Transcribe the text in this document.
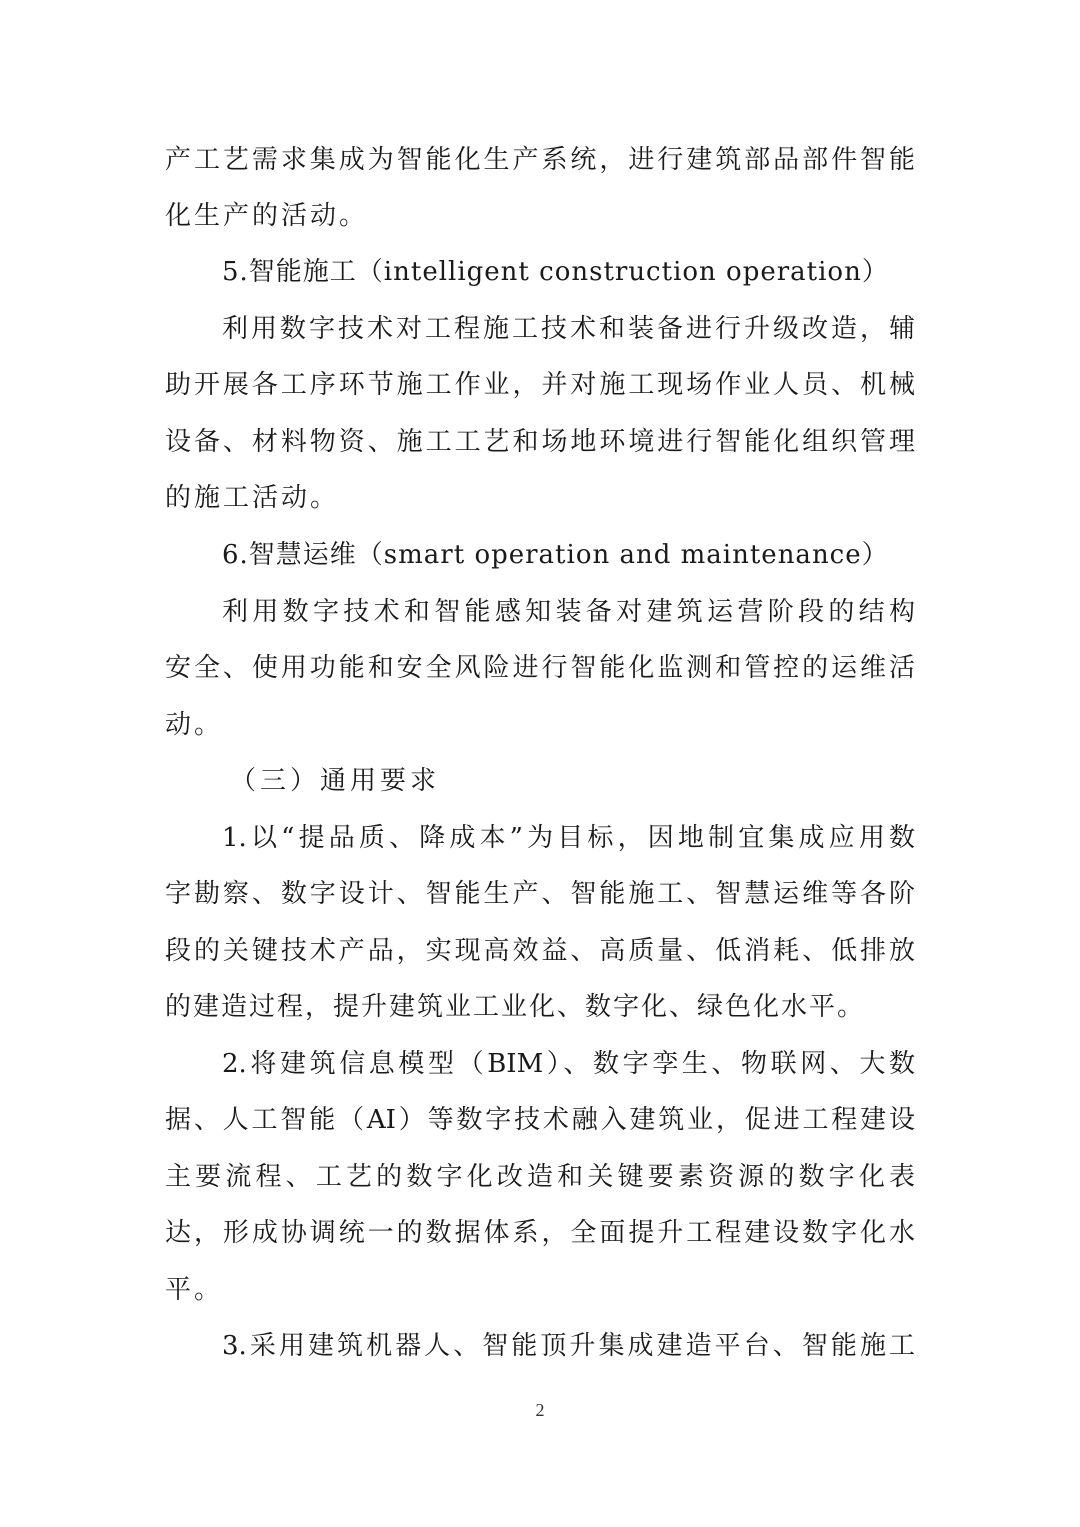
产工艺需求集成为智能化生产系统，进行建筑部品部件智能
化生产的活动。
5.智能施工（intelligent construction operation）
利用数字技术对工程施工技术和装备进行升级改造，辅
助开展各工序环节施工作业，并对施工现场作业人员、机械
设备、材料物资、施工工艺和场地环境进行智能化组织管理
的施工活动。
6.智慧运维（smart operation and maintenance）
利用数字技术和智能感知装备对建筑运营阶段的结构
安全、使用功能和安全风险进行智能化监测和管控的运维活
动。
（三）通用要求
1.以“提品质、降成本”为目标，因地制宜集成应用数
字勘察、数字设计、智能生产、智能施工、智慧运维等各阶
段的关键技术产品，实现高效益、高质量、低消耗、低排放
的建造过程，提升建筑业工业化、数字化、绿色化水平。
2.将建筑信息模型（BIM）、数字孪生、物联网、大数
据、人工智能（AI）等数字技术融入建筑业，促进工程建设
主要流程、工艺的数字化改造和关键要素资源的数字化表
达，形成协调统一的数据体系，全面提升工程建设数字化水
平。
3.采用建筑机器人、智能顶升集成建造平台、智能施工
2
